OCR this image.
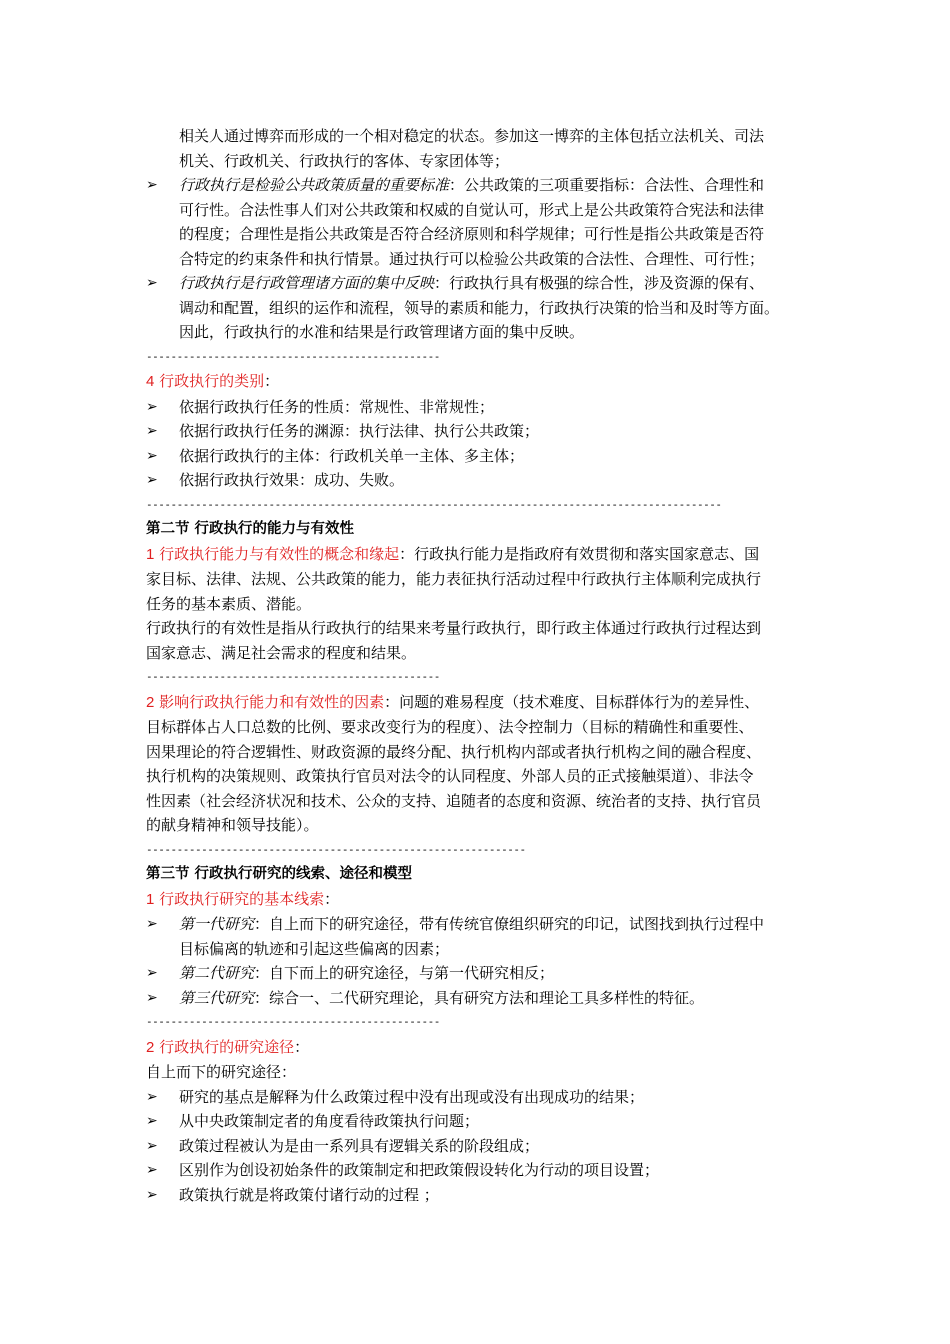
相关人通过博弈而形成的一个相对稳定的状态。参加这一博弈的主体包括立法机关、司法
机关、行政机关、行政执行的客体、专家团体等；
➢	行政执行是检验公共政策质量的重要标准：公共政策的三项重要指标：合法性、合理性和
可行性。合法性事人们对公共政策和权威的自觉认可，形式上是公共政策符合宪法和法律
的程度；合理性是指公共政策是否符合经济原则和科学规律；可行性是指公共政策是否符
合特定的约束条件和执行情景。通过执行可以检验公共政策的合法性、合理性、可行性；
➢	行政执行是行政管理诸方面的集中反映：行政执行具有极强的综合性，涉及资源的保有、
调动和配置，组织的运作和流程，领导的素质和能力，行政执行决策的恰当和及时等方面。
因此，行政执行的水准和结果是行政管理诸方面的集中反映。
------------------------------------------------
4 行政执行的类别：
➢	依据行政执行任务的性质：常规性、非常规性；
➢	依据行政执行任务的渊源：执行法律、执行公共政策；
➢	依据行政执行的主体：行政机关单一主体、多主体；
➢	依据行政执行效果：成功、失败。
----------------------------------------------------------------------------------------------
第二节 行政执行的能力与有效性
1 行政执行能力与有效性的概念和缘起：行政执行能力是指政府有效贯彻和落实国家意志、国
家目标、法律、法规、公共政策的能力，能力表征执行活动过程中行政执行主体顺利完成执行
任务的基本素质、潜能。
行政执行的有效性是指从行政执行的结果来考量行政执行，即行政主体通过行政执行过程达到
国家意志、满足社会需求的程度和结果。
------------------------------------------------
2 影响行政执行能力和有效性的因素：问题的难易程度（技术难度、目标群体行为的差异性、
目标群体占人口总数的比例、要求改变行为的程度）、法令控制力（目标的精确性和重要性、
因果理论的符合逻辑性、财政资源的最终分配、执行机构内部或者执行机构之间的融合程度、
执行机构的决策规则、政策执行官员对法令的认同程度、外部人员的正式接触渠道）、非法令
性因素（社会经济状况和技术、公众的支持、追随者的态度和资源、统治者的支持、执行官员
的献身精神和领导技能）。
--------------------------------------------------------------
第三节 行政执行研究的线索、途径和模型
1 行政执行研究的基本线索：
➢	第一代研究：自上而下的研究途径，带有传统官僚组织研究的印记，试图找到执行过程中
目标偏离的轨迹和引起这些偏离的因素；
➢	第二代研究：自下而上的研究途径，与第一代研究相反；
➢	第三代研究：综合一、二代研究理论，具有研究方法和理论工具多样性的特征。
------------------------------------------------
2 行政执行的研究途径：
自上而下的研究途径：
➢	研究的基点是解释为什么政策过程中没有出现或没有出现成功的结果；
➢	从中央政策制定者的角度看待政策执行问题；
➢	政策过程被认为是由一系列具有逻辑关系的阶段组成；
➢	区别作为创设初始条件的政策制定和把政策假设转化为行动的项目设置；
➢	政策执行就是将政策付诸行动的过程 ；
